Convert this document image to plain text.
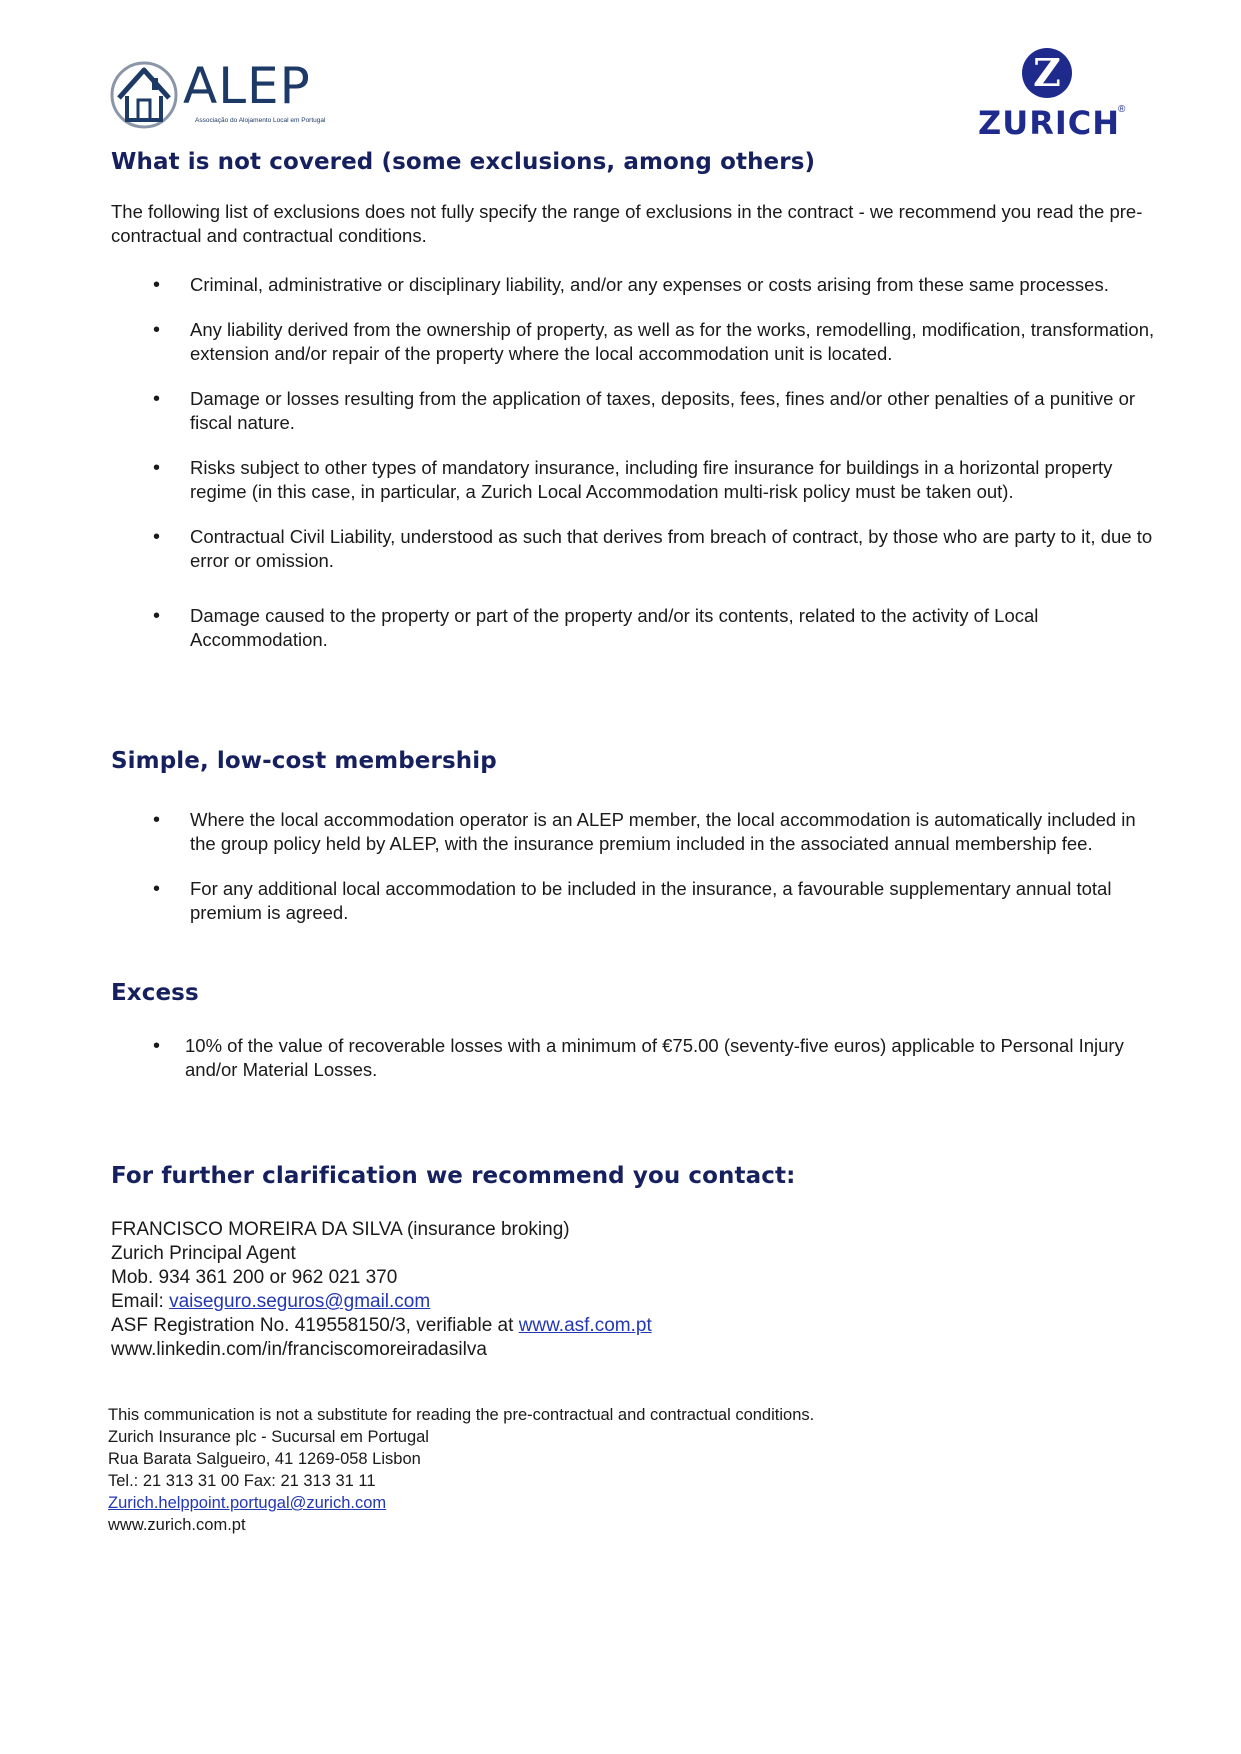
ALEP
Associação do Alojamento Local em Portugal
Z
ZURICH
®
What is not covered (some exclusions, among others)
The following list of exclusions does not fully specify the range of exclusions in the contract - we recommend you read the pre-contractual and contractual conditions.
• Criminal, administrative or disciplinary liability, and/or any expenses or costs arising from these same processes.
• Any liability derived from the ownership of property, as well as for the works, remodelling, modification, transformation, extension and/or repair of the property where the local accommodation unit is located.
• Damage or losses resulting from the application of taxes, deposits, fees, fines and/or other penalties of a punitive or fiscal nature.
• Risks subject to other types of mandatory insurance, including fire insurance for buildings in a horizontal property regime (in this case, in particular, a Zurich Local Accommodation multi-risk policy must be taken out).
• Contractual Civil Liability, understood as such that derives from breach of contract, by those who are party to it, due to error or omission.
• Damage caused to the property or part of the property and/or its contents, related to the activity of Local Accommodation.
Simple, low-cost membership
• Where the local accommodation operator is an ALEP member, the local accommodation is automatically included in the group policy held by ALEP, with the insurance premium included in the associated annual membership fee.
• For any additional local accommodation to be included in the insurance, a favourable supplementary annual total premium is agreed.
Excess
• 10% of the value of recoverable losses with a minimum of €75.00 (seventy-five euros) applicable to Personal Injury and/or Material Losses.
For further clarification we recommend you contact:
FRANCISCO MOREIRA DA SILVA (insurance broking)
Zurich Principal Agent
Mob. 934 361 200 or 962 021 370
Email: vaiseguro.seguros@gmail.com
ASF Registration No. 419558150/3, verifiable at www.asf.com.pt
www.linkedin.com/in/franciscomoreiradasilva
This communication is not a substitute for reading the pre-contractual and contractual conditions.
Zurich Insurance plc - Sucursal em Portugal
Rua Barata Salgueiro, 41 1269-058 Lisbon
Tel.: 21 313 31 00 Fax: 21 313 31 11
Zurich.helppoint.portugal@zurich.com
www.zurich.com.pt
